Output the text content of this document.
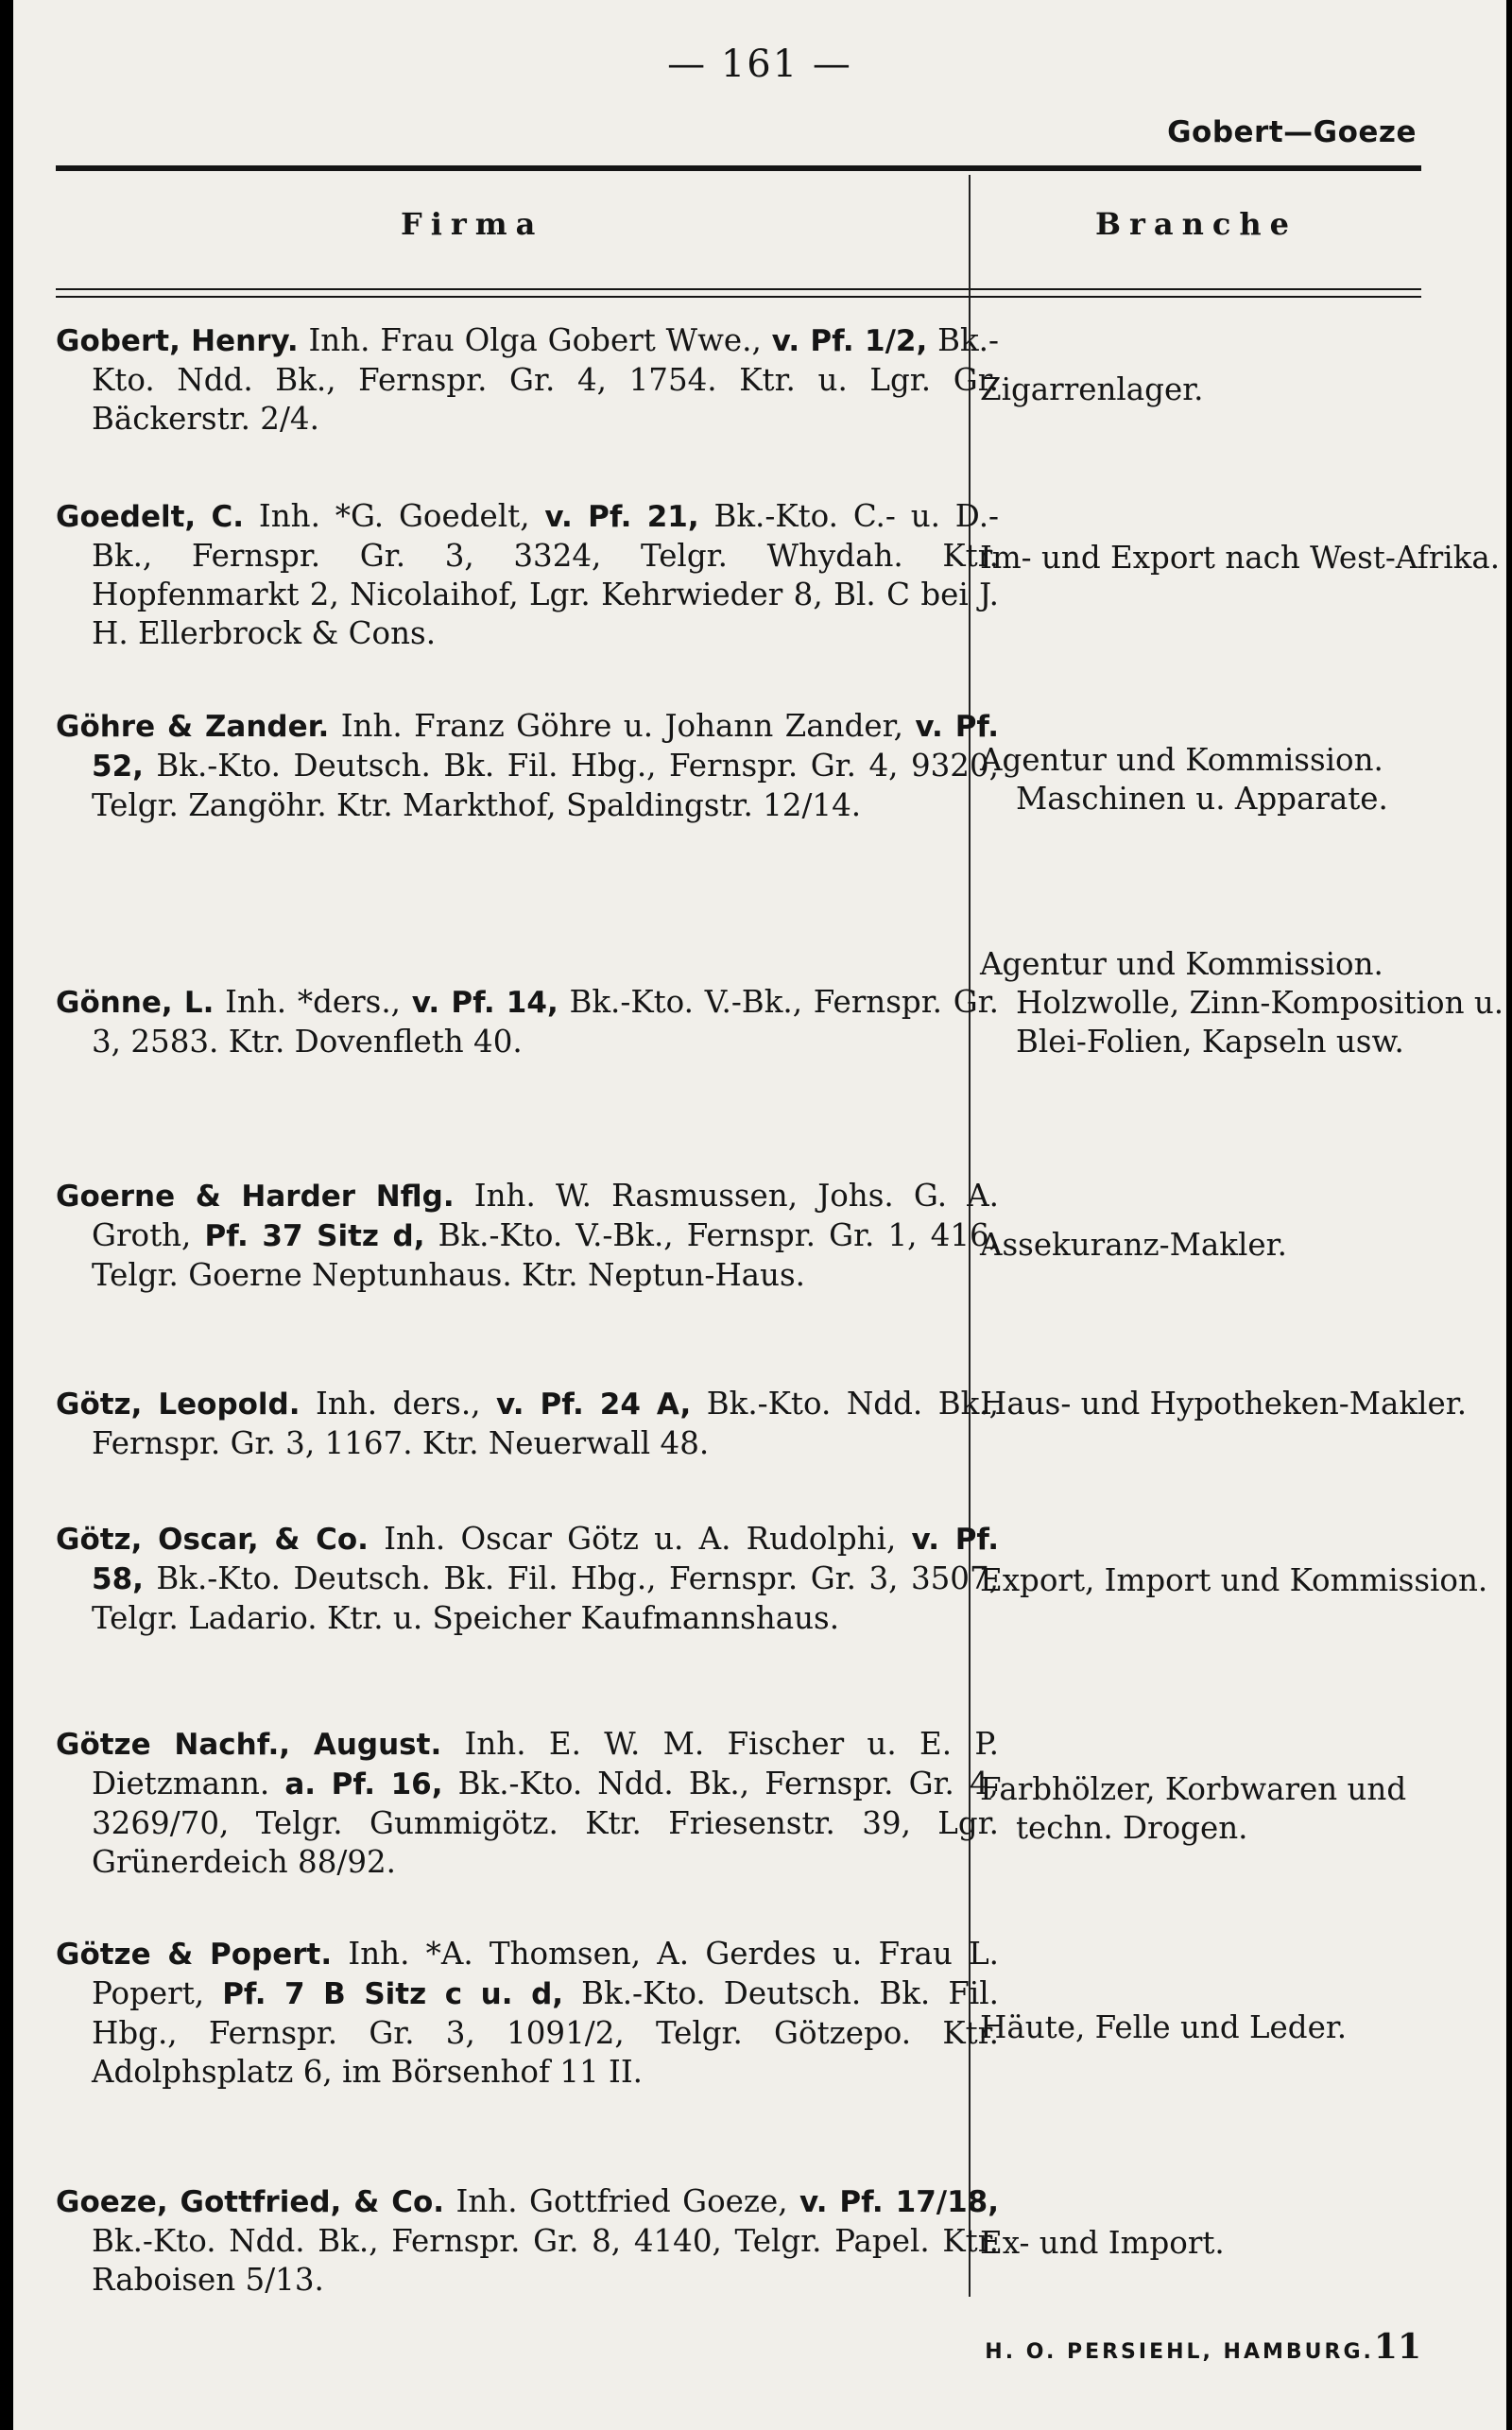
— 161 —
Gobert—Goeze
Firma	Branche
Gobert, Henry. Inh. Frau Olga Gobert Wwe., v. Pf. 1/2, Bk.-Kto. Ndd. Bk., Fernspr. Gr. 4, 1754. Ktr. u. Lgr. Gr. Bäckerstr. 2/4.
Zigarrenlager.
Goedelt, C. Inh. *G. Goedelt, v. Pf. 21, Bk.-Kto. C.- u. D.-Bk., Fernspr. Gr. 3, 3324, Telgr. Whydah. Ktr. Hopfenmarkt 2, Nicolaihof, Lgr. Kehrwieder 8, Bl. C bei J. H. Ellerbrock & Cons.
Im- und Export nach West-Afrika.
Göhre & Zander. Inh. Franz Göhre u. Johann Zander, v. Pf. 52, Bk.-Kto. Deutsch. Bk. Fil. Hbg., Fernspr. Gr. 4, 9320, Telgr. Zangöhr. Ktr. Markthof, Spaldingstr. 12/14.
Agentur und Kommission. Maschinen u. Apparate.
Gönne, L. Inh. *ders., v. Pf. 14, Bk.-Kto. V.-Bk., Fernspr. Gr. 3, 2583. Ktr. Dovenfleth 40.
Agentur und Kommission. Holzwolle, Zinn-Komposition u. Blei-Folien, Kapseln usw.
Goerne & Harder Nflg. Inh. W. Rasmussen, Johs. G. A. Groth, Pf. 37 Sitz d, Bk.-Kto. V.-Bk., Fernspr. Gr. 1, 416, Telgr. Goerne Neptunhaus. Ktr. Neptun-Haus.
Assekuranz-Makler.
Götz, Leopold. Inh. ders., v. Pf. 24 A, Bk.-Kto. Ndd. Bk., Fernspr. Gr. 3, 1167. Ktr. Neuerwall 48.
Haus- und Hypotheken-Makler.
Götz, Oscar, & Co. Inh. Oscar Götz u. A. Rudolphi, v. Pf. 58, Bk.-Kto. Deutsch. Bk. Fil. Hbg., Fernspr. Gr. 3, 3507, Telgr. Ladario. Ktr. u. Speicher Kaufmannshaus.
Export, Import und Kommission.
Götze Nachf., August. Inh. E. W. M. Fischer u. E. P. Dietzmann. a. Pf. 16, Bk.-Kto. Ndd. Bk., Fernspr. Gr. 4, 3269/70, Telgr. Gummigötz. Ktr. Friesenstr. 39, Lgr. Grünerdeich 88/92.
Farbhölzer, Korbwaren und techn. Drogen.
Götze & Popert. Inh. *A. Thomsen, A. Gerdes u. Frau L. Popert, Pf. 7 B Sitz c u. d, Bk.-Kto. Deutsch. Bk. Fil. Hbg., Fernspr. Gr. 3, 1091/2, Telgr. Götzepo. Ktr. Adolphsplatz 6, im Börsenhof 11 II.
Häute, Felle und Leder.
Goeze, Gottfried, & Co. Inh. Gottfried Goeze, v. Pf. 17/18, Bk.-Kto. Ndd. Bk., Fernspr. Gr. 8, 4140, Telgr. Papel. Ktr. Raboisen 5/13.
Ex- und Import.
H. O. PERSIEHL, HAMBURG.11
